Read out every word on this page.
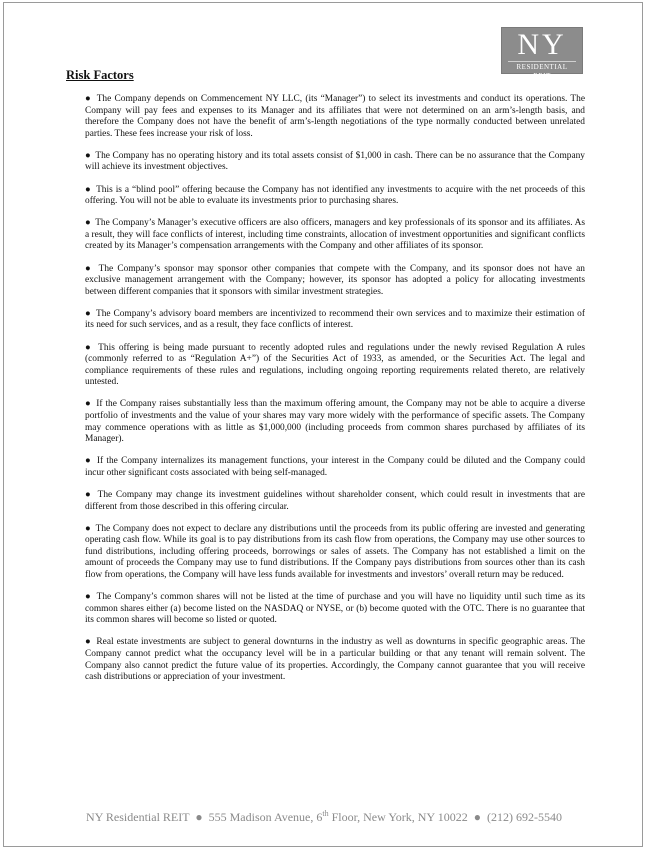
NY
RESIDENTIAL REIT
Risk Factors
● The Company depends on Commencement NY LLC, (its “Manager”) to select its investments and conduct its operations. The Company will pay fees and expenses to its Manager and its affiliates that were not determined on an arm’s-length basis, and therefore the Company does not have the benefit of arm’s-length negotiations of the type normally conducted between unrelated parties. These fees increase your risk of loss.
● The Company has no operating history and its total assets consist of $1,000 in cash. There can be no assurance that the Company will achieve its investment objectives.
● This is a “blind pool” offering because the Company has not identified any investments to acquire with the net proceeds of this offering. You will not be able to evaluate its investments prior to purchasing shares.
● The Company’s Manager’s executive officers are also officers, managers and key professionals of its sponsor and its affiliates. As a result, they will face conflicts of interest, including time constraints, allocation of investment opportunities and significant conflicts created by its Manager’s compensation arrangements with the Company and other affiliates of its sponsor.
● The Company’s sponsor may sponsor other companies that compete with the Company, and its sponsor does not have an exclusive management arrangement with the Company; however, its sponsor has adopted a policy for allocating investments between different companies that it sponsors with similar investment strategies.
● The Company’s advisory board members are incentivized to recommend their own services and to maximize their estimation of its need for such services, and as a result, they face conflicts of interest.
● This offering is being made pursuant to recently adopted rules and regulations under the newly revised Regulation A rules (commonly referred to as “Regulation A+”) of the Securities Act of 1933, as amended, or the Securities Act. The legal and compliance requirements of these rules and regulations, including ongoing reporting requirements related thereto, are relatively untested.
● If the Company raises substantially less than the maximum offering amount, the Company may not be able to acquire a diverse portfolio of investments and the value of your shares may vary more widely with the performance of specific assets. The Company may commence operations with as little as $1,000,000 (including proceeds from common shares purchased by affiliates of its Manager).
● If the Company internalizes its management functions, your interest in the Company could be diluted and the Company could incur other significant costs associated with being self-managed.
● The Company may change its investment guidelines without shareholder consent, which could result in investments that are different from those described in this offering circular.
● The Company does not expect to declare any distributions until the proceeds from its public offering are invested and generating operating cash flow. While its goal is to pay distributions from its cash flow from operations, the Company may use other sources to fund distributions, including offering proceeds, borrowings or sales of assets. The Company has not established a limit on the amount of proceeds the Company may use to fund distributions. If the Company pays distributions from sources other than its cash flow from operations, the Company will have less funds available for investments and investors’ overall return may be reduced.
● The Company’s common shares will not be listed at the time of purchase and you will have no liquidity until such time as its common shares either (a) become listed on the NASDAQ or NYSE, or (b) become quoted with the OTC. There is no guarantee that its common shares will become so listed or quoted.
● Real estate investments are subject to general downturns in the industry as well as downturns in specific geographic areas. The Company cannot predict what the occupancy level will be in a particular building or that any tenant will remain solvent. The Company also cannot predict the future value of its properties. Accordingly, the Company cannot guarantee that you will receive cash distributions or appreciation of your investment.
NY Residential REIT ● 555 Madison Avenue, 6th Floor, New York, NY 10022 ● (212) 692-5540
